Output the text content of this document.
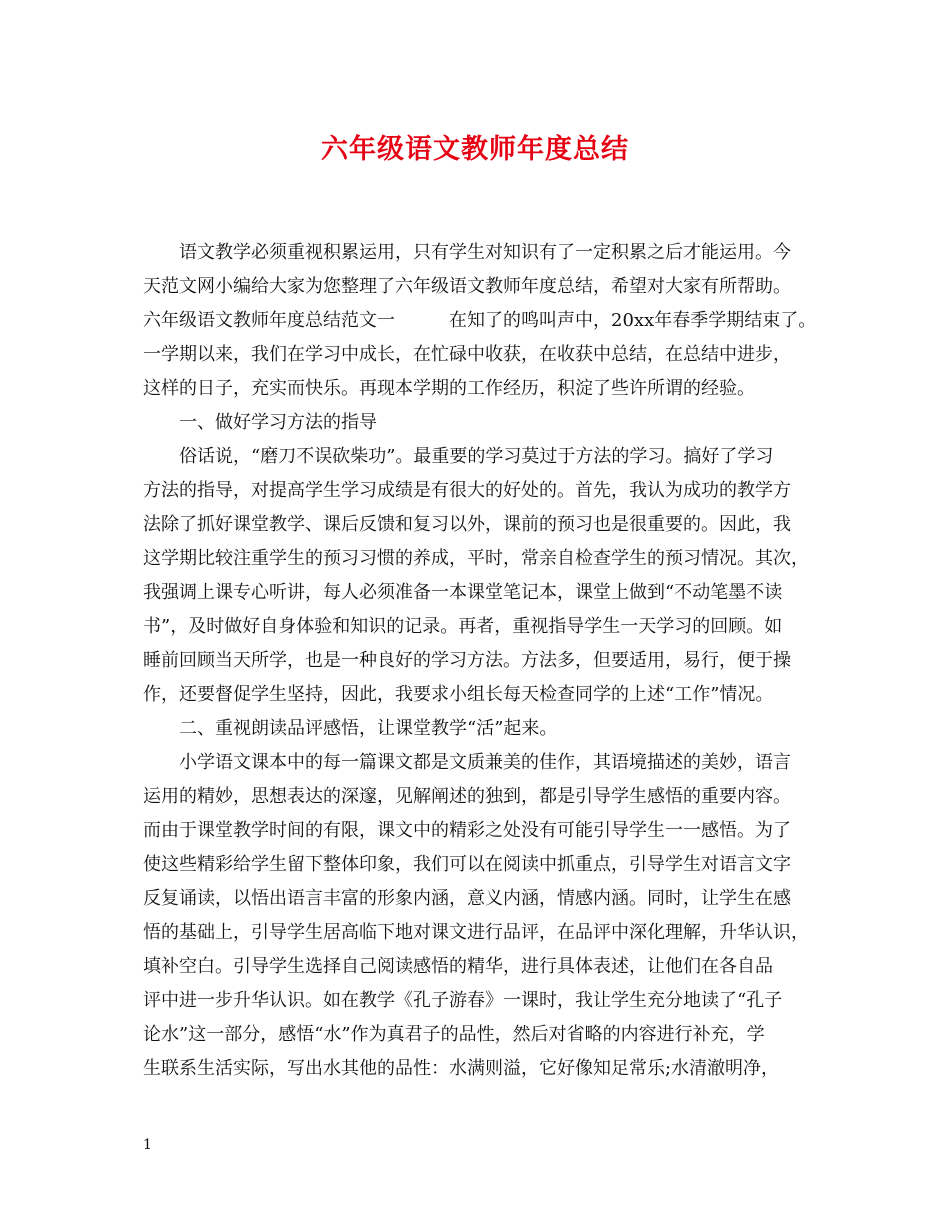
六年级语文教师年度总结
　　语文教学必须重视积累运用，只有学生对知识有了一定积累之后才能运用。今
天范文网小编给大家为您整理了六年级语文教师年度总结，希望对大家有所帮助。
六年级语文教师年度总结范文一　　　在知了的鸣叫声中，20xx年春季学期结束了。
一学期以来，我们在学习中成长，在忙碌中收获，在收获中总结，在总结中进步，
这样的日子，充实而快乐。再现本学期的工作经历，积淀了些许所谓的经验。
　　一、做好学习方法的指导
　　俗话说，“磨刀不误砍柴功”。最重要的学习莫过于方法的学习。搞好了学习
方法的指导，对提高学生学习成绩是有很大的好处的。首先，我认为成功的教学方
法除了抓好课堂教学、课后反馈和复习以外，课前的预习也是很重要的。因此，我
这学期比较注重学生的预习习惯的养成，平时，常亲自检查学生的预习情况。其次，
我强调上课专心听讲，每人必须准备一本课堂笔记本，课堂上做到“不动笔墨不读
书”，及时做好自身体验和知识的记录。再者，重视指导学生一天学习的回顾。如
睡前回顾当天所学，也是一种良好的学习方法。方法多，但要适用，易行，便于操
作，还要督促学生坚持，因此，我要求小组长每天检查同学的上述“工作”情况。
　　二、重视朗读品评感悟，让课堂教学“活”起来。
　　小学语文课本中的每一篇课文都是文质兼美的佳作，其语境描述的美妙，语言
运用的精妙，思想表达的深邃，见解阐述的独到，都是引导学生感悟的重要内容。
而由于课堂教学时间的有限，课文中的精彩之处没有可能引导学生一一感悟。为了
使这些精彩给学生留下整体印象，我们可以在阅读中抓重点，引导学生对语言文字
反复诵读，以悟出语言丰富的形象内涵，意义内涵，情感内涵。同时，让学生在感
悟的基础上，引导学生居高临下地对课文进行品评，在品评中深化理解，升华认识，
填补空白。引导学生选择自己阅读感悟的精华，进行具体表述，让他们在各自品
评中进一步升华认识。如在教学《孔子游春》一课时，我让学生充分地读了“孔子
论水”这一部分，感悟“水”作为真君子的品性，然后对省略的内容进行补充，学
生联系生活实际，写出水其他的品性：水满则溢，它好像知足常乐;水清澈明净，
1
